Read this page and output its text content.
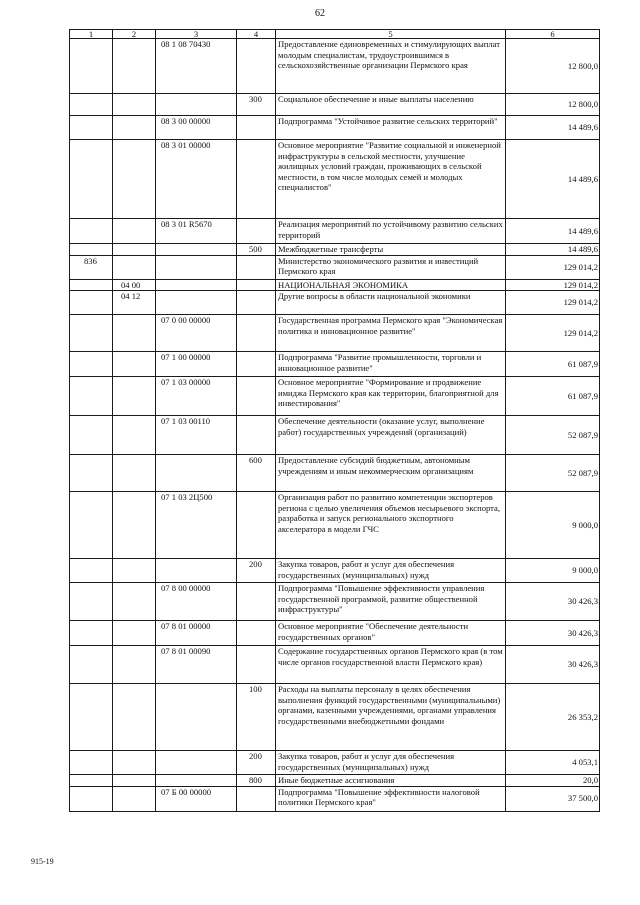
62
1	2	3	4	5	6
		08 1 08 70430		Предоставление единовременных и стимулирующих выплат молодым специалистам, трудоустроившимся в сельскохозяйственные организации Пермского края	12 800,0
			300	Социальное обеспечение и иные выплаты населению	12 800,0
		08 3 00 00000		Подпрограмма "Устойчивое развитие сельских территорий"	14 489,6
		08 3 01 00000		Основное мероприятие "Развитие социальной и инженерной инфраструктуры в сельской местности, улучшение жилищных условий граждан, проживающих в сельской местности, в том числе молодых семей и молодых специалистов"	14 489,6
		08 3 01 R5670		Реализация мероприятий по устойчивому развитию сельских территорий	14 489,6
			500	Межбюджетные трансферты	14 489,6
836				Министерство экономического развития и инвестиций Пермского края	129 014,2
	04 00			НАЦИОНАЛЬНАЯ ЭКОНОМИКА	129 014,2
	04 12			Другие вопросы в области национальной экономики	129 014,2
		07 0 00 00000		Государственная программа Пермского края "Экономическая политика и инновационное развитие"	129 014,2
		07 1 00 00000		Подпрограмма "Развитие промышленности, торговли и инновационное развитие"	61 087,9
		07 1 03 00000		Основное мероприятие "Формирование и продвижение имиджа Пермского края как территории, благоприятной для инвестирования"	61 087,9
		07 1 03 00110		Обеспечение деятельности (оказание услуг, выполнение работ) государственных учреждений (организаций)	52 087,9
			600	Предоставление субсидий бюджетным, автономным учреждениям и иным некоммерческим организациям	52 087,9
		07 1 03 2Ц500		Организация работ по развитию компетенции экспортеров региона с целью увеличения объемов несырьевого экспорта, разработка и запуск регионального экспортного акселератора в модели ГЧС	9 000,0
			200	Закупка товаров, работ и услуг для обеспечения государственных (муниципальных) нужд	9 000,0
		07 8 00 00000		Подпрограмма "Повышение эффективности управления государственной программой, развитие общественной инфраструктуры"	30 426,3
		07 8 01 00000		Основное мероприятие "Обеспечение деятельности государственных органов"	30 426,3
		07 8 01 00090		Содержание государственных органов Пермского края (в том числе органов государственной власти Пермского края)	30 426,3
			100	Расходы на выплаты персоналу в целях обеспечения выполнения функций государственными (муниципальными) органами, казенными учреждениями, органами управления государственными внебюджетными фондами	26 353,2
			200	Закупка товаров, работ и услуг для обеспечения государственных (муниципальных) нужд	4 053,1
			800	Иные бюджетные ассигнования	20,0
		07 Б 00 00000		Подпрограмма "Повышение эффективности налоговой политики Пермского края"	37 500,0
915-19
